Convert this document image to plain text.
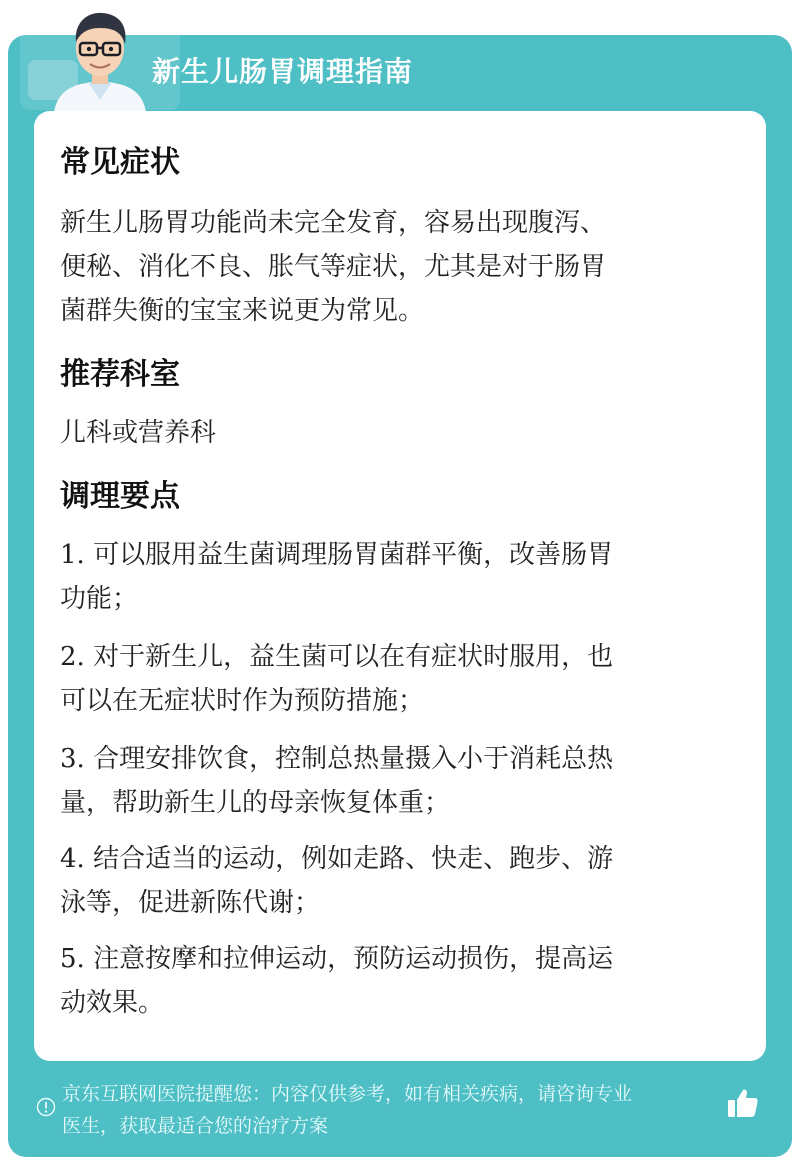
新生儿肠胃调理指南
常见症状
新生儿肠胃功能尚未完全发育，容易出现腹泻、
便秘、消化不良、胀气等症状，尤其是对于肠胃
菌群失衡的宝宝来说更为常见。
推荐科室
儿科或营养科
调理要点
1. 可以服用益生菌调理肠胃菌群平衡，改善肠胃
功能；
2. 对于新生儿，益生菌可以在有症状时服用，也
可以在无症状时作为预防措施；
3. 合理安排饮食，控制总热量摄入小于消耗总热
量，帮助新生儿的母亲恢复体重；
4. 结合适当的运动，例如走路、快走、跑步、游
泳等，促进新陈代谢；
5. 注意按摩和拉伸运动，预防运动损伤，提高运
动效果。
京东互联网医院提醒您：内容仅供参考，如有相关疾病，请咨询专业
医生，获取最适合您的治疗方案
